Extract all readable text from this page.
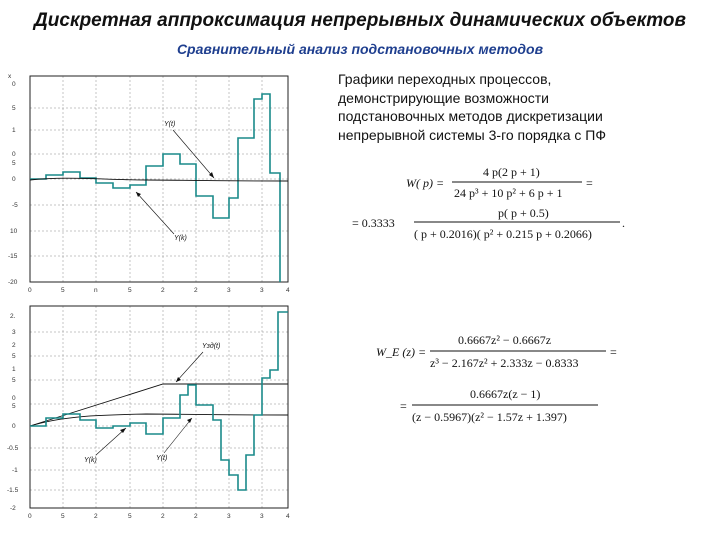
Дискретная аппроксимация непрерывных динамических объектов
Сравнительный анализ подстановочных методов
Графики переходных процессов,
демонстрирующие возможности
подстановочных методов дискретизации
непрерывной системы 3-го порядка с ПФ
Y(t)
Y(k)
x
0
5
1
0
5
0
-5
10
-15
-20
0	5	n	5	2	2	3	3	4
Yзд(t)
Y(k)	Y(t)
2.
3
2
5
1
5
0
5
0
-0.5
-1
-1.5
-2
0	5	2	5	2	2	3	3	4
W( p) =
4 p(2 p + 1)
24 p³ + 10 p² + 6 p + 1
=
= 0.3333
p( p + 0.5)
( p + 0.2016)( p² + 0.215 p + 0.2066)
.
W_E (z) =
0.6667z² − 0.6667z
z³ − 2.167z² + 2.333z − 0.8333
=
=
0.6667z(z − 1)
(z − 0.5967)(z² − 1.57z + 1.397)
